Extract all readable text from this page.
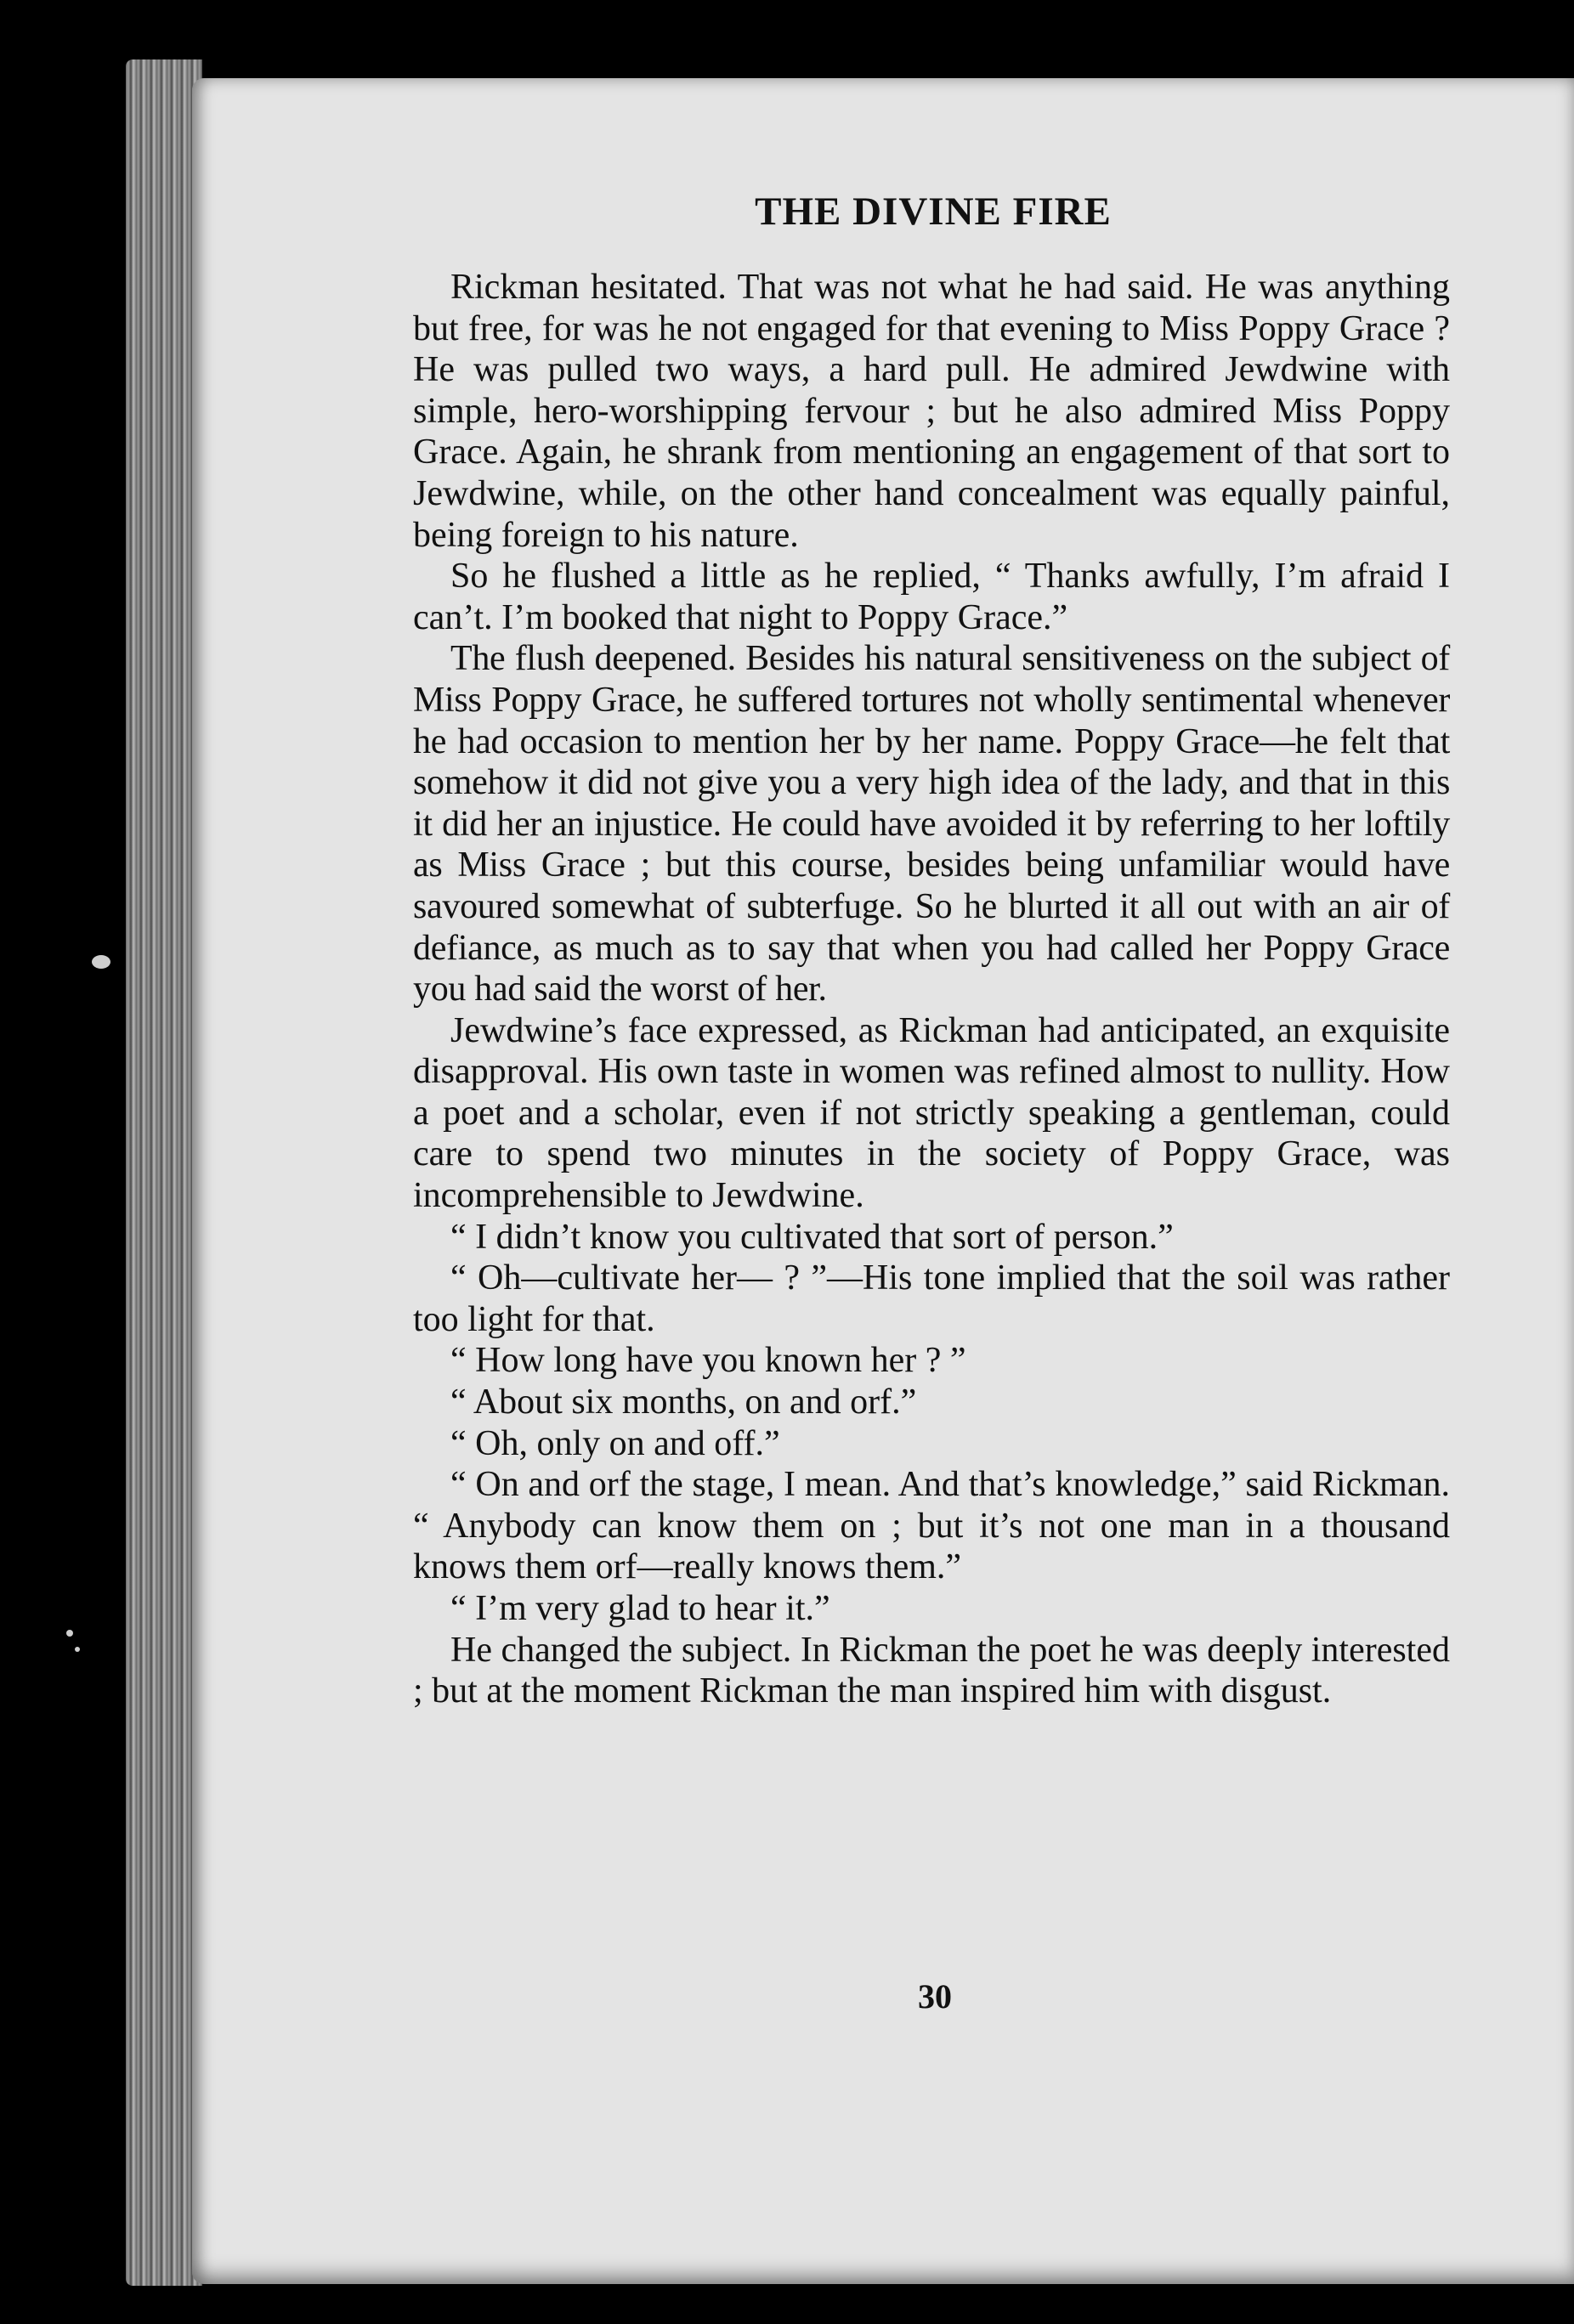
THE DIVINE FIRE

Rickman hesitated. That was not what he had said. He was anything but free, for was he not engaged for that evening to Miss Poppy Grace ? He was pulled two ways, a hard pull. He admired Jewdwine with simple, hero-worshipping fervour ; but he also admired Miss Poppy Grace. Again, he shrank from mentioning an engagement of that sort to Jewdwine, while, on the other hand concealment was equally painful, being foreign to his nature.

So he flushed a little as he replied, “ Thanks awfully, I’m afraid I can’t. I’m booked that night to Poppy Grace.”

The flush deepened. Besides his natural sensitiveness on the subject of Miss Poppy Grace, he suffered tortures not wholly sentimental whenever he had occasion to mention her by her name. Poppy Grace—he felt that somehow it did not give you a very high idea of the lady, and that in this it did her an injustice. He could have avoided it by referring to her loftily as Miss Grace ; but this course, besides being unfamiliar would have savoured somewhat of subterfuge. So he blurted it all out with an air of defiance, as much as to say that when you had called her Poppy Grace you had said the worst of her.

Jewdwine’s face expressed, as Rickman had anticipated, an exquisite disapproval. His own taste in women was refined almost to nullity. How a poet and a scholar, even if not strictly speaking a gentleman, could care to spend two minutes in the society of Poppy Grace, was incomprehensible to Jewdwine.

“ I didn’t know you cultivated that sort of person.”

“ Oh—cultivate her— ? ”—His tone implied that the soil was rather too light for that.

“ How long have you known her ? ”

“ About six months, on and orf.”

“ Oh, only on and off.”

“ On and orf the stage, I mean. And that’s knowledge,” said Rickman. “ Anybody can know them on ; but it’s not one man in a thousand knows them orf—really knows them.”

“ I’m very glad to hear it.”

He changed the subject. In Rickman the poet he was deeply interested ; but at the moment Rickman the man inspired him with disgust.

30
